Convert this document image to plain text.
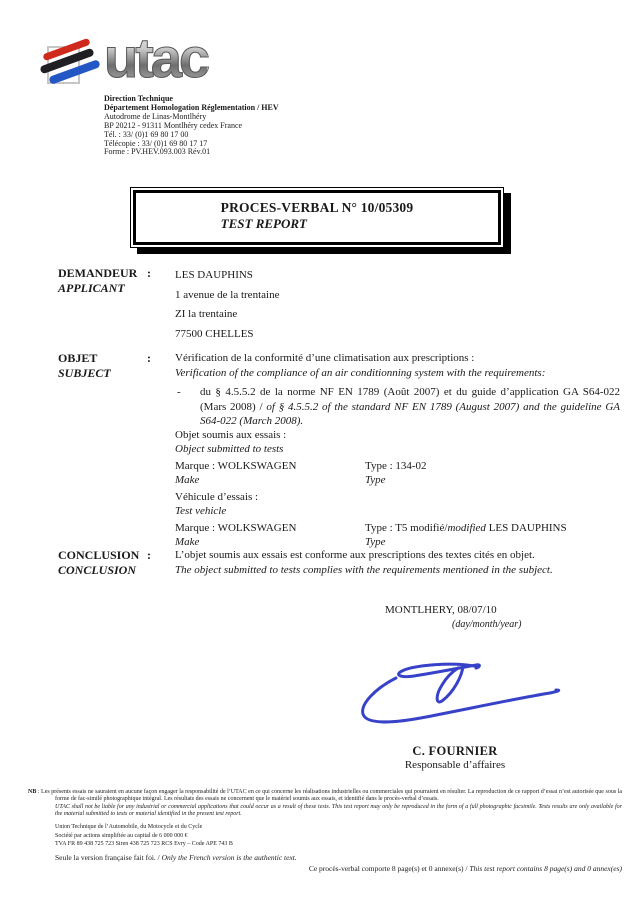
utac
Direction Technique
Département Homologation Réglementation / HEV
Autodrome de Linas-Montlhéry
BP 20212 - 91311 Montlhéry cedex France
Tél. : 33/ (0)1 69 80 17 00
Télécopie : 33/ (0)1 69 80 17 17
Forme : PV.HEV.093.003 Rév.01
PROCES-VERBAL N° 10/05309
TEST REPORT
DEMANDEUR
APPLICANT
: LES DAUPHINS
1 avenue de la trentaine
ZI la trentaine
77500 CHELLES
OBJET
SUBJECT
: Vérification de la conformité d’une climatisation aux prescriptions :
Verification of the compliance of an air conditionning system with the requirements:
- du § 4.5.5.2 de la norme NF EN 1789 (Août 2007) et du guide d’application GA S64-022 (Mars 2008) / of § 4.5.5.2 of the standard NF EN 1789 (August 2007) and the guideline GA S64-022 (March 2008).
Objet soumis aux essais :
Object submitted to tests
Marque : WOLKSWAGEN	Type : 134-02
Make	Type
Véhicule d’essais :
Test vehicle
Marque : WOLKSWAGEN	Type : T5 modifié/modified LES DAUPHINS
Make	Type
CONCLUSION
CONCLUSION
: L’objet soumis aux essais est conforme aux prescriptions des textes cités en objet.
The object submitted to tests complies with the requirements mentioned in the subject.
MONTLHERY, 08/07/10
(day/month/year)
C. FOURNIER
Responsable d’affaires
NB : Les présents essais ne sauraient en aucune façon engager la responsabilité de l’UTAC en ce qui concerne les réalisations industrielles ou commerciales qui pourraient en résulter. La reproduction de ce rapport d’essai n’est autorisée que sous la forme de fac-similé photographique intégral. Les résultats des essais ne concernent que le matériel soumis aux essais, et identifié dans le procès-verbal d’essais.
UTAC shall not be liable for any industrial or commercial applications that could occur as a result of these tests. This test report may only be reproduced in the form of a full photographic facsimile. Tests results are only available for the material submitted to tests or material identified in the present test report.
Union Technique de l’Automobile, du Motocycle et du Cycle
Société par actions simplifiée au capital de 6 000 000 €
TVA FR 89 438 725 723 Siren 438 725 723 RCS Evry – Code APE 743 B
Seule la version française fait foi. / Only the French version is the authentic text.
Ce procès-verbal comporte 8 page(s) et 0 annexe(s) / This test report contains 8 page(s) and 0 annex(es)
